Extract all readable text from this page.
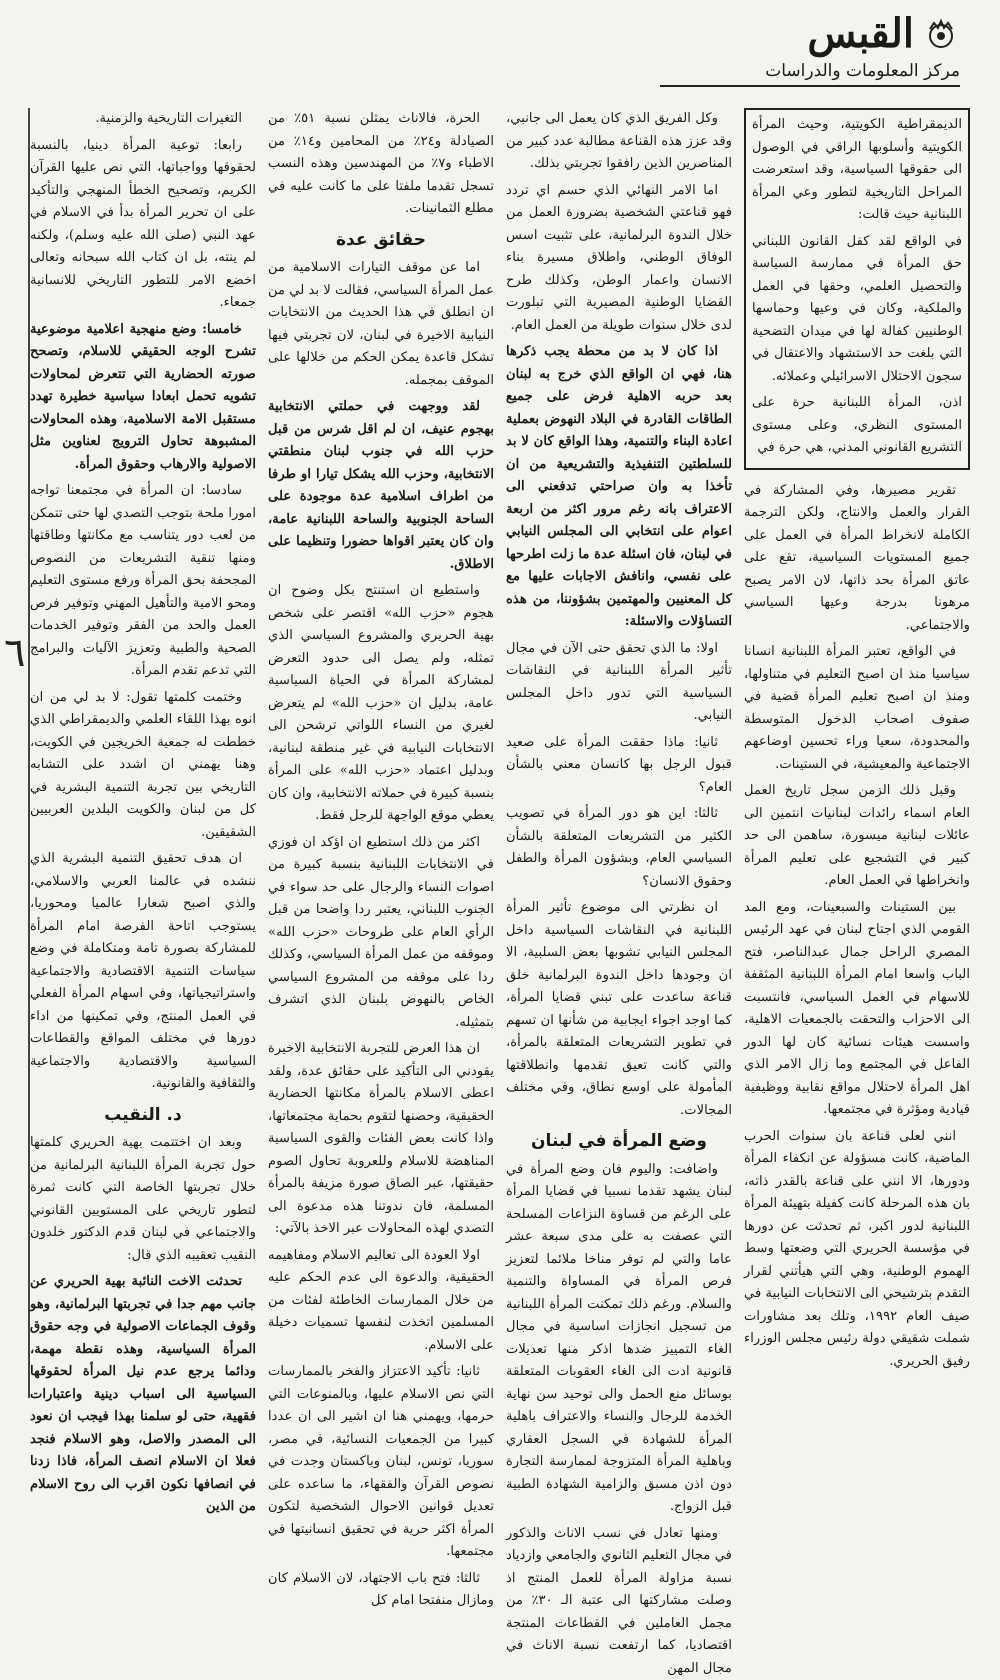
القبس
مركز المعلومات والدراسات
٦

الديمقراطية الكويتية، وحيث المرأة الكويتية وأسلوبها الراقي في الوصول الى حقوقها السياسية، وقد استعرضت المراحل التاريخية لتطور وعي المرأة اللبنانية حيث قالت:

في الواقع لقد كفل القانون اللبناني حق المرأة في ممارسة السياسة والتحصيل العلمي، وحقها في العمل والملكية، وكان في وعيها وحماسها الوطنيين كفالة لها في ميدان التضحية التي بلغت حد الاستشهاد والاعتقال في سجون الاحتلال الاسرائيلي وعملائه.

اذن، المرأة اللبنانية حرة على المستوى النظري، وعلى مستوى التشريع القانوني المدني، هي حرة في

تقرير مصيرها، وفي المشاركة في القرار والعمل والانتاج، ولكن الترجمة الكاملة لانخراط المرأة في العمل على جميع المستويات السياسية، تقع على عاتق المرأة بحد ذاتها، لان الامر يصبح مرهونا بدرجة وعيها السياسي والاجتماعي.

في الواقع، تعتبر المرأة اللبنانية انسانا سياسيا منذ ان اصبح التعليم في متناولها، ومنذ ان اصبح تعليم المرأة قضية في صفوف اصحاب الدخول المتوسطة والمحدودة، سعيا وراء تحسين اوضاعهم الاجتماعية والمعيشية، في الستينات.

وقبل ذلك الزمن سجل تاريخ العمل العام اسماء رائدات لبنانيات انتمين الى عائلات لبنانية ميسورة، ساهمن الى حد كبير في التشجيع على تعليم المرأة وانخراطها في العمل العام.

بين الستينات والسبعينات، ومع المد القومي الذي اجتاح لبنان في عهد الرئيس المصري الراحل جمال عبدالناصر، فتح الباب واسعا امام المرأة اللبنانية المثقفة للاسهام في العمل السياسي، فانتسبت الى الاحزاب والتحقت بالجمعيات الاهلية، واسست هيئات نسائية كان لها الدور الفاعل في المجتمع وما زال الامر الذي اهل المرأة لاحتلال مواقع نقابية ووظيفية قيادية ومؤثرة في مجتمعها.

انني لعلى قناعة بان سنوات الحرب الماضية، كانت مسؤولة عن انكفاء المرأة ودورها، الا انني على قناعة بالقدر ذاته، بان هذه المرحلة كانت كفيلة بتهيئة المرأة اللبنانية لدور اكبر، ثم تحدثت عن دورها في مؤسسة الحريري التي وضعتها وسط الهموم الوطنية، وهي التي هيأتني لقرار التقدم بترشيحي الى الانتخابات النيابية في صيف العام ١٩٩٢، وتلك بعد مشاورات شملت شقيقي دولة رئيس مجلس الوزراء رفيق الحريري.

وكل الفريق الذي كان يعمل الى جانبي، وقد عزز هذه القناعة مطالبة عدد كبير من المناصرين الذين رافقوا تجربتي بذلك.

اما الامر النهائي الذي حسم اي تردد فهو قناعتي الشخصية بضرورة العمل من خلال الندوة البرلمانية، على تثبيت اسس الوفاق الوطني، واطلاق مسيرة بناء الانسان واعمار الوطن، وكذلك طرح القضايا الوطنية المصيرية التي تبلورت لدى خلال سنوات طويلة من العمل العام.

اذا كان لا بد من محطة يجب ذكرها هنا، فهي ان الواقع الذي خرج به لبنان بعد حربه الاهلية فرض على جميع الطاقات القادرة في البلاد النهوض بعملية اعادة البناء والتنمية، وهذا الواقع كان لا بد للسلطتين التنفيذية والتشريعية من ان تأخذا به وان صراحتي تدفعني الى الاعتراف بانه رغم مرور اكثر من اربعة اعوام على انتخابي الى المجلس النيابي في لبنان، فان اسئلة عدة ما زلت اطرحها على نفسي، وانافش الاجابات عليها مع كل المعنيين والمهتمين بشؤوننا، من هذه التساؤلات والاسئلة:

اولا: ما الذي تحقق حتى الآن في مجال تأثير المرأة اللبنانية في النقاشات السياسية التي تدور داخل المجلس النيابي.

ثانيا: ماذا حققت المرأة على صعيد قبول الرجل بها كانسان معني بالشأن العام؟

ثالثا: اين هو دور المرأة في تصويب الكثير من التشريعات المتعلقة بالشأن السياسي العام، وبشؤون المرأة والطفل وحقوق الانسان؟

ان نظرتي الى موضوع تأثير المرأة اللبنانية في النقاشات السياسية داخل المجلس النيابي تشوبها بعض السلبية، الا ان وجودها داخل الندوة البرلمانية خلق قناعة ساعدت على تبني قضايا المرأة، كما اوجد اجواء ايجابية من شأنها ان تسهم في تطوير التشريعات المتعلقة بالمرأة، والتي كانت تعيق تقدمها وانطلاقتها المأمولة على اوسع نطاق، وفي مختلف المجالات.

وضع المرأة في لبنان

واضافت: واليوم فان وضع المرأة في لبنان يشهد تقدما نسبيا في قضايا المرأة على الرغم من قساوة النزاعات المسلحة التي عصفت به على مدى سبعة عشر عاما والتي لم توفر مناخا ملائما لتعزيز فرص المرأة في المساواة والتنمية والسلام. ورغم ذلك تمكنت المرأة اللبنانية من تسجيل انجازات اساسية في مجال الغاء التمييز ضدها اذكر منها تعديلات قانونية ادت الى الغاء العقوبات المتعلقة بوسائل منع الحمل والى توحيد سن نهاية الخدمة للرجال والنساء والاعتراف باهلية المرأة للشهادة في السجل العقاري وباهلية المرأة المتزوجة لممارسة التجارة دون اذن مسبق والزامية الشهادة الطبية قبل الزواج.

ومنها تعادل في نسب الاناث والذكور في مجال التعليم الثانوي والجامعي وازدياد نسبة مزاولة المرأة للعمل المنتج اذ وصلت مشاركتها الى عتبة الـ ٣٠٪ من مجمل العاملين في القطاعات المنتجة اقتصاديا، كما ارتفعت نسبة الاناث في مجال المهن

الحرة، فالاناث يمثلن نسبة ٥١٪ من الصيادلة و٢٤٪ من المحامين و١٤٪ من الاطباء و٧٪ من المهندسين وهذه النسب تسجل تقدما ملفتا على ما كانت عليه في مطلع الثمانينات.

حقائق عدة

اما عن موقف التيارات الاسلامية من عمل المرأة السياسي، فقالت لا بد لي من ان انطلق في هذا الحديث من الانتخابات النيابية الاخيرة في لبنان، لان تجربتي فيها تشكل قاعدة يمكن الحكم من خلالها على الموقف بمجمله.

لقد ووجهت في حملتي الانتخابية بهجوم عنيف، ان لم اقل شرس من قبل حزب الله في جنوب لبنان منطقتي الانتخابية، وحزب الله يشكل تيارا او طرفا من اطراف اسلامية عدة موجودة على الساحة الجنوبية والساحة اللبنانية عامة، وان كان يعتبر اقواها حضورا وتنظيما على الاطلاق.

واستطيع ان استنتج بكل وضوح ان هجوم «حزب الله» اقتصر على شخص بهية الحريري والمشروع السياسي الذي تمثله، ولم يصل الى حدود التعرض لمشاركة المرأة في الحياة السياسية عامة، بدليل ان «حزب الله» لم يتعرض لغيري من النساء اللواتي ترشحن الى الانتخابات النيابية في غير منطقة لبنانية، وبدليل اعتماد «حزب الله» على المرأة بنسبة كبيرة في حملاته الانتخابية، وان كان يعطي موقع الواجهة للرجل فقط.

اكثر من ذلك استطيع ان اؤكد ان فوزي في الانتخابات اللبنانية بنسبة كبيرة من اصوات النساء والرجال على حد سواء في الجنوب اللبناني، يعتبر ردا واضحا من قبل الرأي العام على طروحات «حزب الله» وموقفه من عمل المرأة السياسي، وكذلك ردا على موقفه من المشروع السياسي الخاص بالنهوض بلبنان الذي اتشرف بتمثيله.

ان هذا العرض للتجربة الانتخابية الاخيرة يقودني الى التأكيد على حقائق عدة، ولقد اعطى الاسلام بالمرأة مكانتها الحضارية الحقيقية، وحصنها لتقوم بحماية مجتمعاتها، واذا كانت بعض الفئات والقوى السياسية المناهضة للاسلام وللعروبة تحاول الصوم حقيقتها، عبر الصاق صورة مزيفة بالمرأة المسلمة، فان ندوتنا هذه مدعوة الى التصدي لهذه المحاولات عبر الاخذ بالآتي:

اولا العودة الى تعاليم الاسلام ومفاهيمه الحقيقية، والدعوة الى عدم الحكم عليه من خلال الممارسات الخاطئة لفئات من المسلمين اتخذت لنفسها تسميات دخيلة على الاسلام.

ثانيا: تأكيد الاعتزاز والفخر بالممارسات التي نص الاسلام عليها، وبالمنوعات التي حرمها، ويهمني هنا ان اشير الى ان عددا كبيرا من الجمعيات النسائية، في مصر، سوريا، تونس، لبنان وباكستان وجدت في نصوص القرآن والفقهاء، ما ساعده على تعديل قوانين الاحوال الشخصية لتكون المرأة اكثر حرية في تحقيق انسانيتها في مجتمعها.

ثالثا: فتح باب الاجتهاد، لان الاسلام كان ومازال منفتحا امام كل

التغيرات التاريخية والزمنية.

رابعا: توعية المرأة دينيا، بالنسبة لحقوقها وواجباتها، التي نص عليها القرآن الكريم، وتصحيح الخطأ المنهجي والتأكيد على ان تحرير المرأة بدأ في الاسلام في عهد النبي (صلى الله عليه وسلم)، ولكنه لم ينته، بل ان كتاب الله سبحانه وتعالى اخضع الامر للتطور التاريخي للانسانية جمعاء.

خامسا: وضع منهجية اعلامية موضوعية تشرح الوجه الحقيقي للاسلام، وتصحح صورته الحضارية التي تتعرض لمحاولات تشويه تحمل ابعادا سياسية خطيرة تهدد مستقبل الامة الاسلامية، وهذه المحاولات المشبوهة تحاول الترويج لعناوين مثل الاصولية والارهاب وحقوق المرأة.

سادسا: ان المرأة في مجتمعنا تواجه امورا ملحة بتوجب التصدي لها حتى تتمكن من لعب دور يتناسب مع مكانتها وطاقتها ومنها تنقية التشريعات من النصوص المجحفة بحق المرأة ورفع مستوى التعليم ومحو الامية والتأهيل المهني وتوفير فرص العمل والحد من الفقر وتوفير الخدمات الصحية والطبية وتعزيز الآليات والبرامج التي تدعم تقدم المرأة.

وختمت كلمتها تقول: لا بد لي من ان انوه بهذا اللقاء العلمي والديمقراطي الذي خططت له جمعية الخريجين في الكويت، وهنا يهمني ان اشدد على التشابه التاريخي بين تجربة التنمية البشرية في كل من لبنان والكويت البلدين العربيين الشقيقين.

ان هدف تحقيق التنمية البشرية الذي ننشده في عالمنا العربي والاسلامي، والذي اصبح شعارا عالميا ومحوريا، يستوجب اتاحة الفرصة امام المرأة للمشاركة بصورة تامة ومتكاملة في وضع سياسات التنمية الاقتصادية والاجتماعية واستراتيجياتها، وفي اسهام المرأة الفعلي في العمل المنتج، وفي تمكينها من اداء دورها في مختلف المواقع والقطاعات السياسية والاقتصادية والاجتماعية والثقافية والقانونية.

د. النقيب

وبعد ان اختتمت بهية الحريري كلمتها حول تجربة المرأة اللبنانية البرلمانية من خلال تجربتها الخاصة التي كانت ثمرة لتطور تاريخي على المستويين القانوني والاجتماعي في لبنان قدم الدكتور خلدون النقيب تعقيبه الذي قال:

تحدثت الاخت النائبة بهية الحريري عن جانب مهم جدا في تجربتها البرلمانية، وهو وقوف الجماعات الاصولية في وجه حقوق المرأة السياسية، وهذه نقطة مهمة، ودائما يرجع عدم نيل المرأة لحقوقها السياسية الى اسباب دينية واعتبارات فقهية، حتى لو سلمنا بهذا فيجب ان نعود الى المصدر والاصل، وهو الاسلام فنجد فعلا ان الاسلام انصف المرأة، فاذا زدنا في انصافها نكون اقرب الى روح الاسلام من الذين
